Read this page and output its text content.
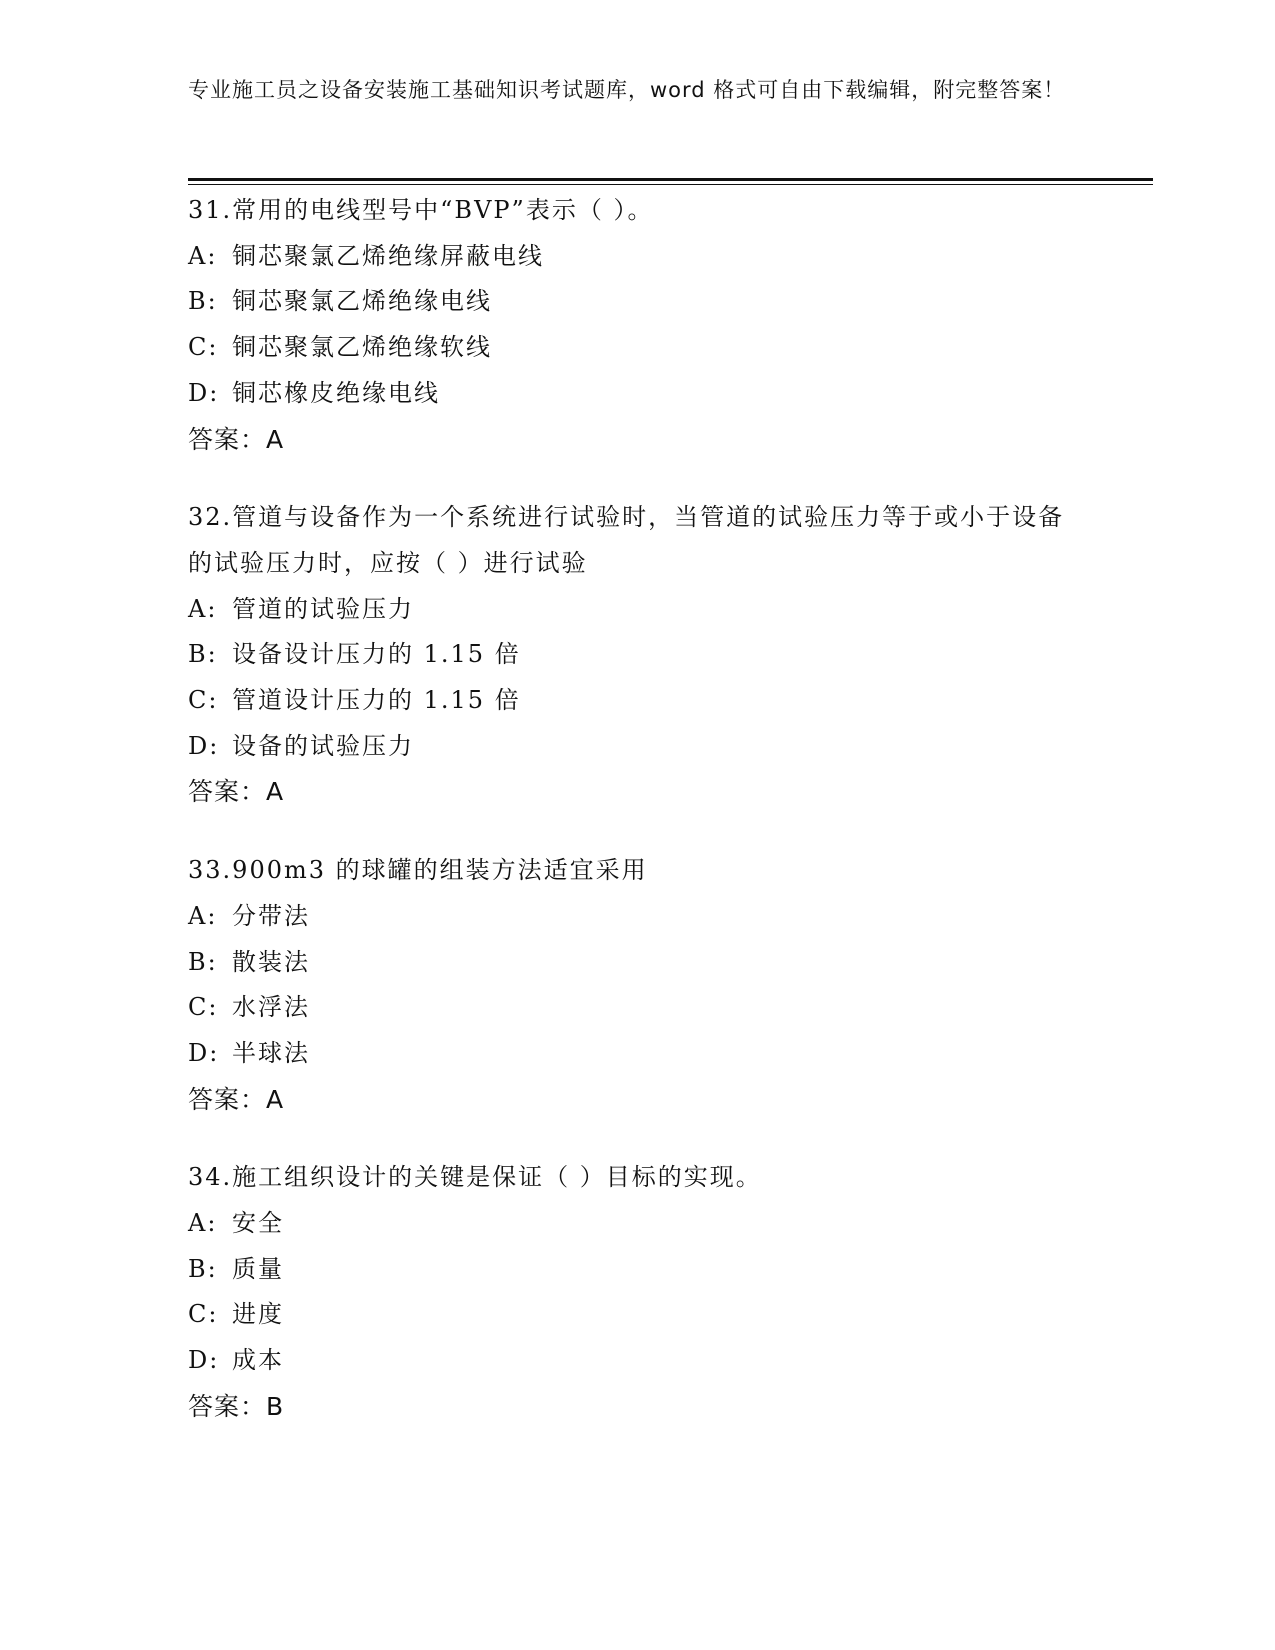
专业施工员之设备安装施工基础知识考试题库，word 格式可自由下载编辑，附完整答案！

31.常用的电线型号中“BVP”表示（ ）。

A: 铜芯聚氯乙烯绝缘屏蔽电线
B: 铜芯聚氯乙烯绝缘电线
C: 铜芯聚氯乙烯绝缘软线
D: 铜芯橡皮绝缘电线
答案：A

32.管道与设备作为一个系统进行试验时，当管道的试验压力等于或小于设备的试验压力时，应按（ ）进行试验

A: 管道的试验压力
B: 设备设计压力的 1.15 倍
C: 管道设计压力的 1.15 倍
D: 设备的试验压力
答案：A

33.900m3 的球罐的组装方法适宜采用

A: 分带法
B: 散装法
C: 水浮法
D: 半球法
答案：A

34.施工组织设计的关键是保证（ ）目标的实现。

A: 安全
B: 质量
C: 进度
D: 成本
答案：B
